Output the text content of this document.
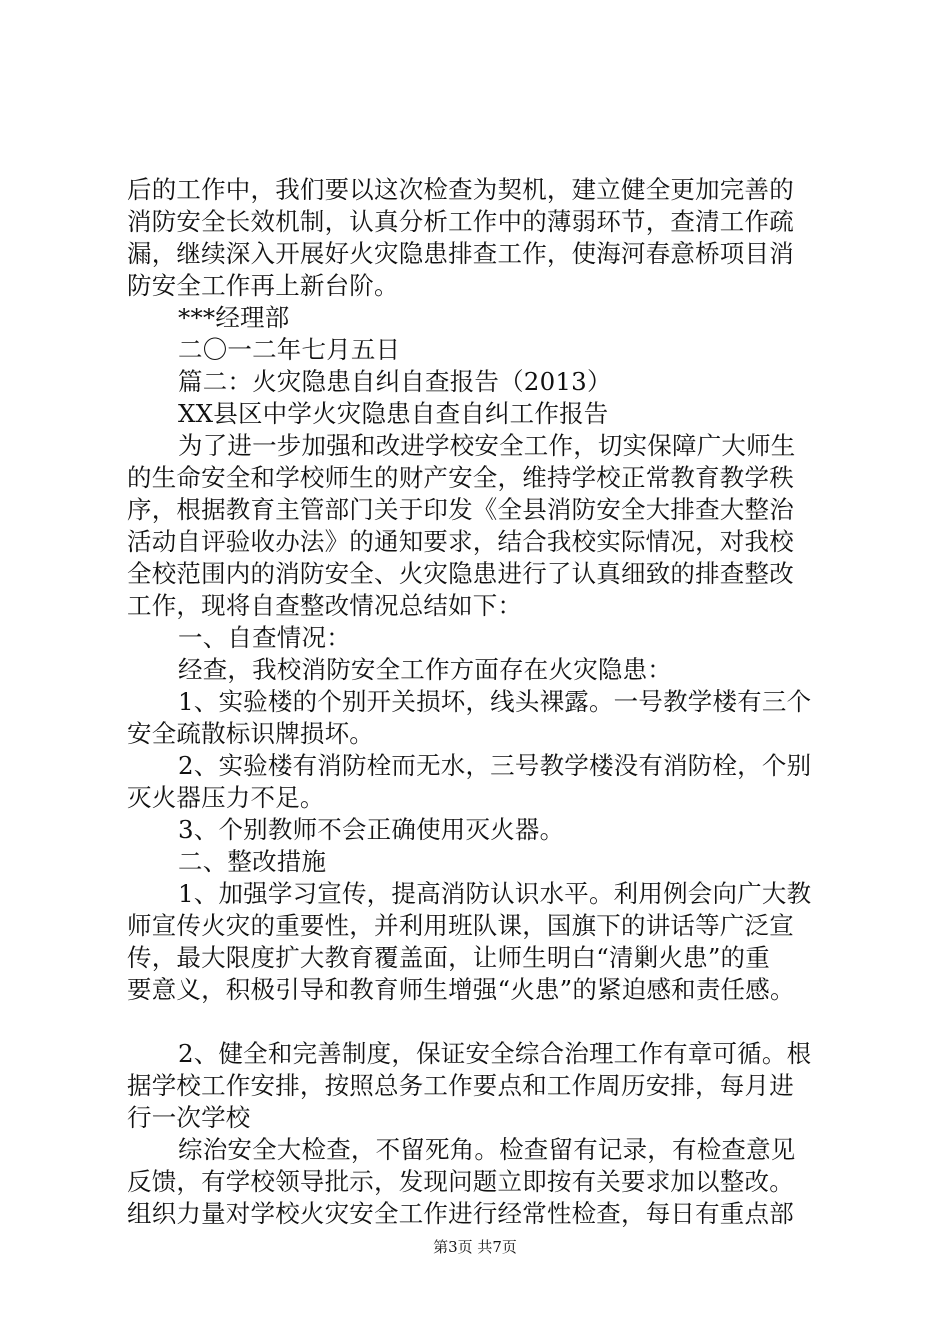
后的工作中，我们要以这次检查为契机，建立健全更加完善的
消防安全长效机制，认真分析工作中的薄弱环节，查清工作疏
漏，继续深入开展好火灾隐患排查工作，使海河春意桥项目消
防安全工作再上新台阶。
***经理部
二〇一二年七月五日
篇二：火灾隐患自纠自查报告（2013）
XX县区中学火灾隐患自查自纠工作报告
为了进一步加强和改进学校安全工作，切实保障广大师生
的生命安全和学校师生的财产安全，维持学校正常教育教学秩
序，根据教育主管部门关于印发《全县消防安全大排查大整治
活动自评验收办法》的通知要求，结合我校实际情况，对我校
全校范围内的消防安全、火灾隐患进行了认真细致的排查整改
工作，现将自查整改情况总结如下：
一、自查情况：
经查，我校消防安全工作方面存在火灾隐患：
1、实验楼的个别开关损坏，线头裸露。一号教学楼有三个
安全疏散标识牌损坏。
2、实验楼有消防栓而无水，三号教学楼没有消防栓，个别
灭火器压力不足。
3、个别教师不会正确使用灭火器。
二、整改措施
1、加强学习宣传，提高消防认识水平。利用例会向广大教
师宣传火灾的重要性，并利用班队课，国旗下的讲话等广泛宣
传，最大限度扩大教育覆盖面，让师生明白“清剿火患”的重
要意义，积极引导和教育师生增强“火患”的紧迫感和责任感。
2、健全和完善制度，保证安全综合治理工作有章可循。根
据学校工作安排，按照总务工作要点和工作周历安排，每月进
行一次学校
综治安全大检查，不留死角。检查留有记录，有检查意见
反馈，有学校领导批示，发现问题立即按有关要求加以整改。
组织力量对学校火灾安全工作进行经常性检查，每日有重点部
第3页 共7页
